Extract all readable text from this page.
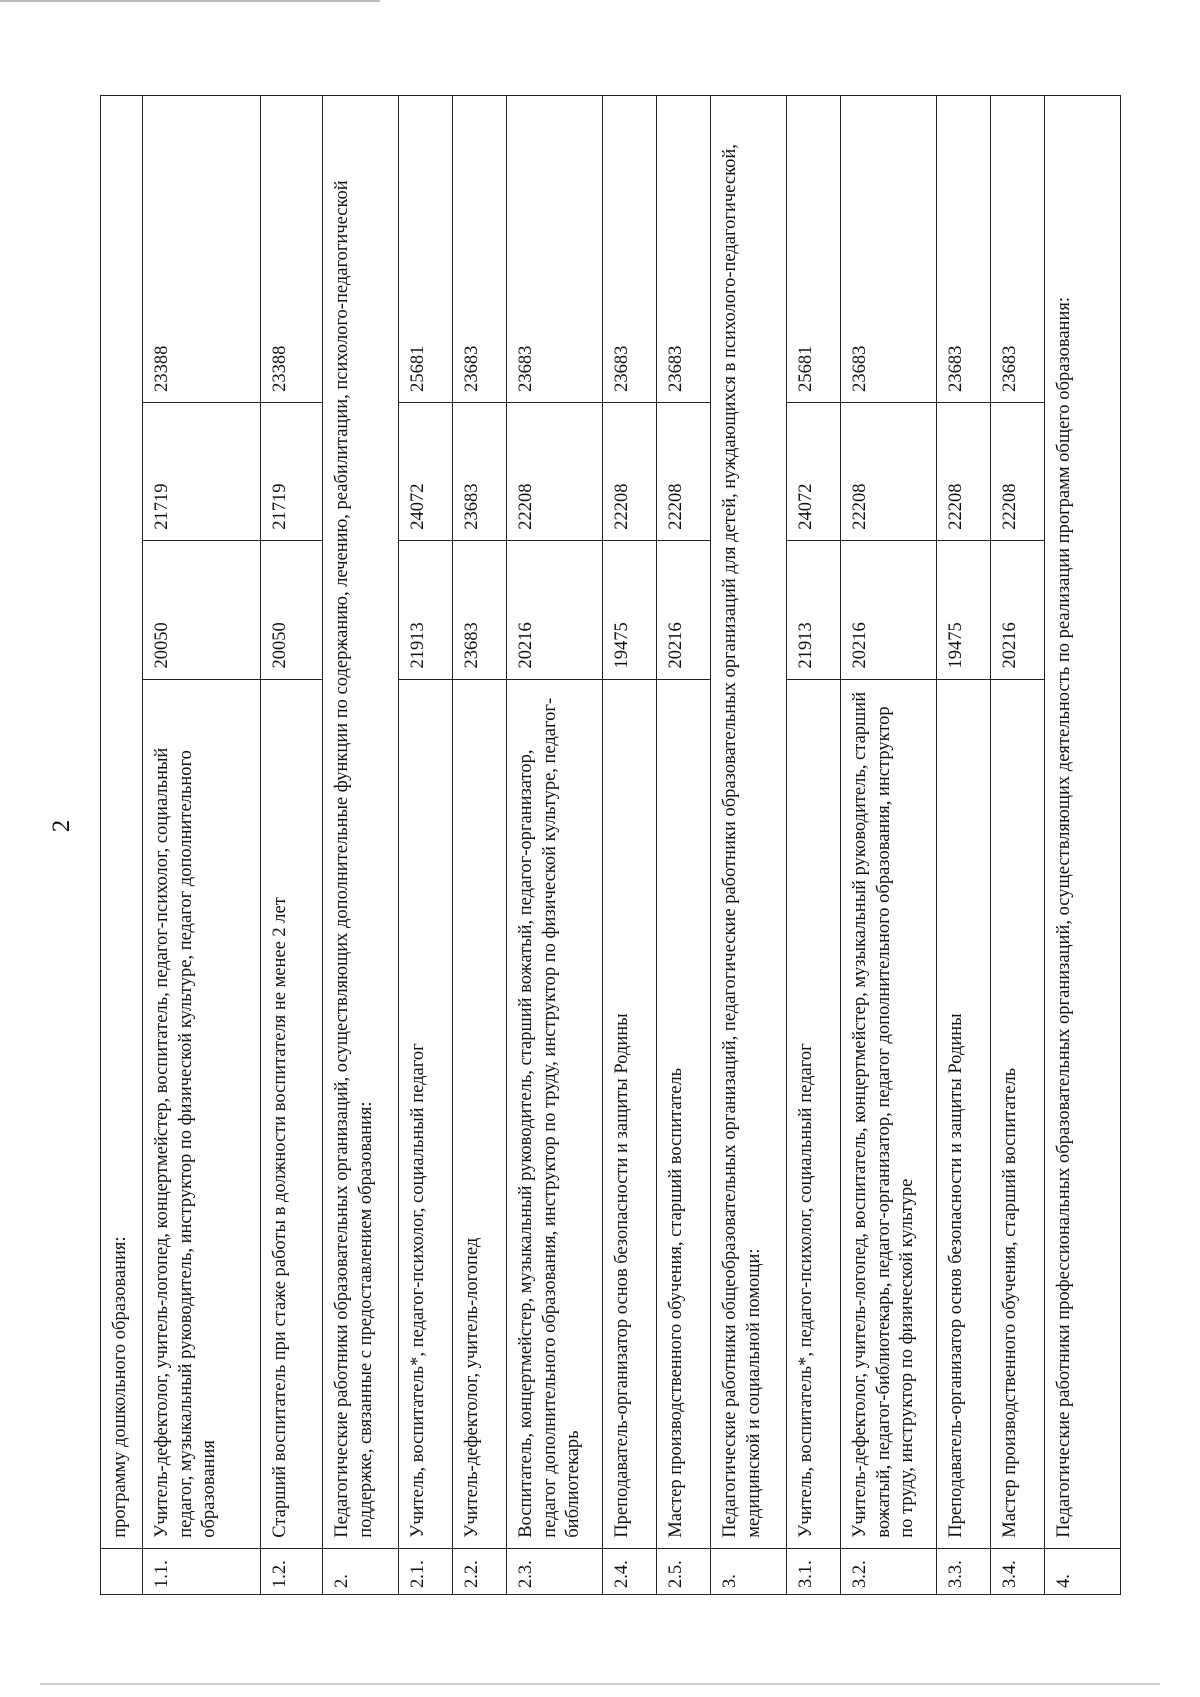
2
	программу дошкольного образования:			
1.1.	Учитель-дефектолог, учитель-логопед, концертмейстер, воспитатель, педагог-психолог, социальный педагог, музыкальный руководитель, инструктор по физической культуре, педагог дополнительного образования	20050	21719	23388
1.2.	Старший воспитатель при стаже работы в должности воспитателя не менее 2 лет	20050	21719	23388
2.	Педагогические работники образовательных организаций, осуществляющих дополнительные функции по содержанию, лечению, реабилитации, психолого-педагогической поддержке, связанные с предоставлением образования:			
2.1.	Учитель, воспитатель*, педагог-психолог, социальный педагог	21913	24072	25681
2.2.	Учитель-дефектолог, учитель-логопед	23683	23683	23683
2.3.	Воспитатель, концертмейстер, музыкальный руководитель, старший вожатый, педагог-организатор, педагог дополнительного образования, инструктор по труду, инструктор по физической культуре, педагог-библиотекарь	20216	22208	23683
2.4.	Преподаватель-организатор основ безопасности и защиты Родины	19475	22208	23683
2.5.	Мастер производственного обучения, старший воспитатель	20216	22208	23683
3.	Педагогические работники общеобразовательных организаций, педагогические работники образовательных организаций для детей, нуждающихся в психолого-педагогической, медицинской и социальной помощи:			
3.1.	Учитель, воспитатель*, педагог-психолог, социальный педагог	21913	24072	25681
3.2.	Учитель-дефектолог, учитель-логопед, воспитатель, концертмейстер, музыкальный руководитель, старший вожатый, педагог-библиотекарь, педагог-организатор, педагог дополнительного образования, инструктор по труду, инструктор по физической культуре	20216	22208	23683
3.3.	Преподаватель-организатор основ безопасности и защиты Родины	19475	22208	23683
3.4.	Мастер производственного обучения, старший воспитатель	20216	22208	23683
4.	Педагогические работники профессиональных образовательных организаций, осуществляющих деятельность по реализации программ общего образования:			
